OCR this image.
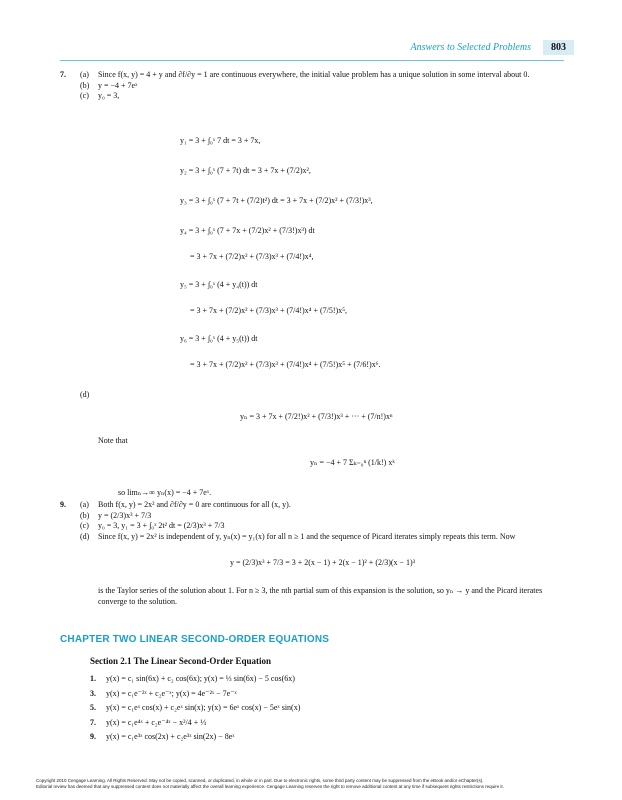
Answers to Selected Problems	803
7.	(a)	Since f(x, y) = 4 + y and ∂f/∂y = 1 are continuous everywhere, the initial value problem has a unique solution in some interval about 0.
(b)	y = −4 + 7eˣ
(c)	y₀ = 3,
y₁ = 3 + ∫₀ˣ 7 dt = 3 + 7x,
y₂ = 3 + ∫₀ˣ (7 + 7t) dt = 3 + 7x + (7/2)x²,
y₃ = 3 + ∫₀ˣ (7 + 7t + (7/2)t²) dt = 3 + 7x + (7/2)x² + (7/3!)x³,
y₄ = 3 + ∫₀ˣ (7 + 7x + (7/2)x² + (7/3!)x³) dt
= 3 + 7x + (7/2)x² + (7/3)x³ + (7/4!)x⁴,
y₅ = 3 + ∫₀ˣ (4 + y₄(t)) dt
= 3 + 7x + (7/2)x² + (7/3)x³ + (7/4!)x⁴ + (7/5!)x⁵,
y₆ = 3 + ∫₀ˣ (4 + y₅(t)) dt
= 3 + 7x + (7/2)x² + (7/3)x³ + (7/4!)x⁴ + (7/5!)x⁵ + (7/6!)x⁶.
(d)
yₙ = 3 + 7x + (7/2!)x² + (7/3!)x³ + ··· + (7/n!)xⁿ
Note that
yₙ = −4 + 7 Σₖ₌₀ⁿ (1/k!) xᵏ
so limₙ→∞ yₙ(x) = −4 + 7eˣ.
9.	(a)	Both f(x, y) = 2x² and ∂f/∂y = 0 are continuous for all (x, y).
(b)	y = (2/3)x³ + 7/3
(c)	y₀ = 3, y₁ = 3 + ∫₀ˣ 2t² dt = (2/3)x³ + 7/3
(d)	Since f(x, y) = 2x² is independent of y, yₙ(x) = y₁(x) for all n ≥ 1 and the sequence of Picard iterates simply repeats this term. Now
y = (2/3)x³ + 7/3 = 3 + 2(x − 1) + 2(x − 1)² + (2/3)(x − 1)³
is the Taylor series of the solution about 1. For n ≥ 3, the nth partial sum of this expansion is the solution, so yₙ → y and the Picard iterates converge to the solution.
CHAPTER TWO LINEAR SECOND-ORDER EQUATIONS
Section 2.1 The Linear Second-Order Equation
1.	y(x) = c₁ sin(6x) + c₂ cos(6x); y(x) = ⅓ sin(6x) − 5 cos(6x)
3.	y(x) = c₁e⁻²ˣ + c₂e⁻ˣ; y(x) = 4e⁻²ˣ − 7e⁻ˣ
5.	y(x) = c₁eˣ cos(x) + c₂eˣ sin(x); y(x) = 6eˣ cos(x) − 5eˣ sin(x)
7.	y(x) = c₁e⁴ˣ + c₂e⁻⁴ˣ − x²/4 + ⅓
9.	y(x) = c₁e³ˣ cos(2x) + c₂e³ˣ sin(2x) − 8eˣ
Copyright 2010 Cengage Learning. All Rights Reserved. May not be copied, scanned, or duplicated, in whole or in part. Due to electronic rights, some third party content may be suppressed from the eBook and/or eChapter(s).
Editorial review has deemed that any suppressed content does not materially affect the overall learning experience. Cengage Learning reserves the right to remove additional content at any time if subsequent rights restrictions require it.
